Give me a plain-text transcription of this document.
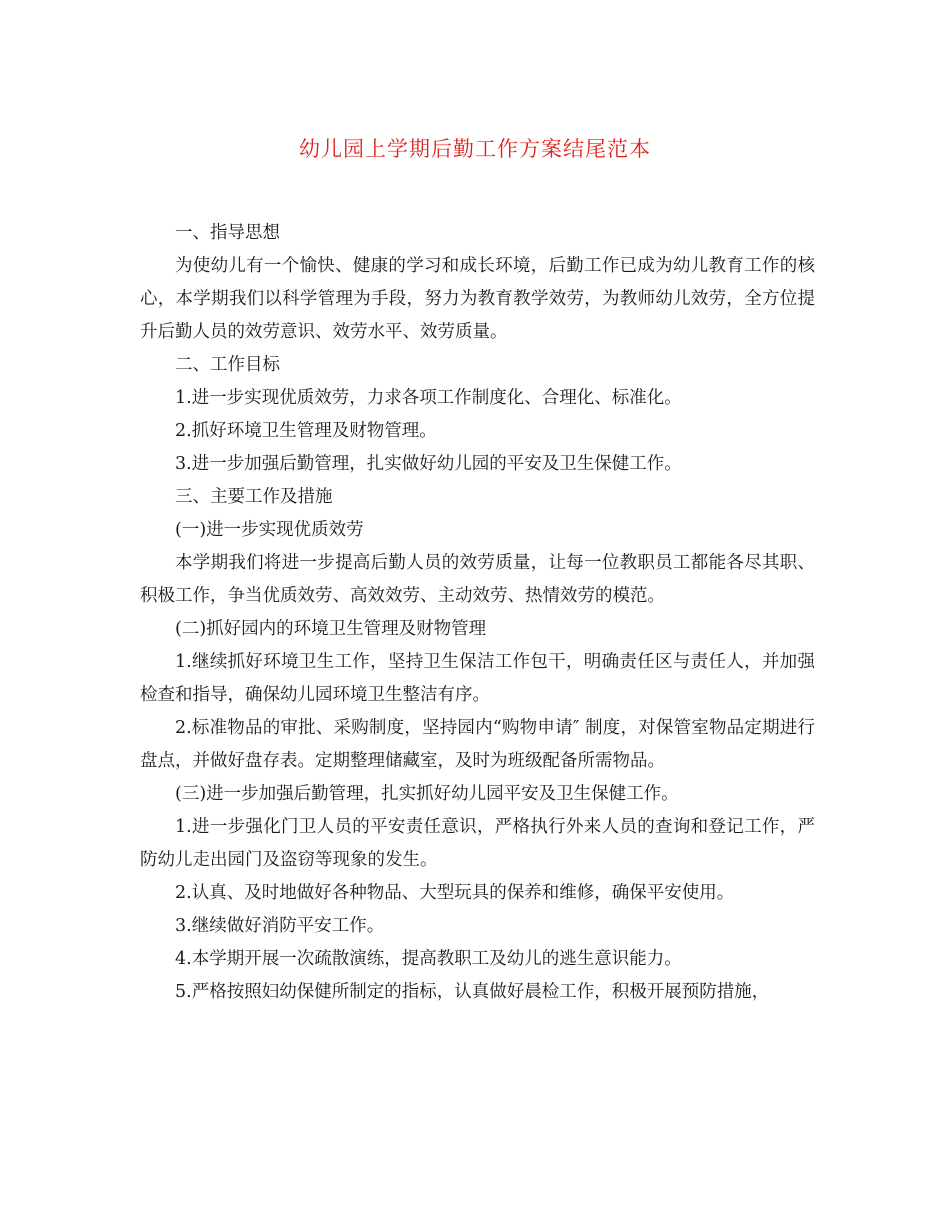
幼儿园上学期后勤工作方案结尾范本

一、指导思想

为使幼儿有一个愉快、健康的学习和成长环境，后勤工作已成为幼儿教育工作的核心，本学期我们以科学管理为手段，努力为教育教学效劳，为教师幼儿效劳，全方位提升后勤人员的效劳意识、效劳水平、效劳质量。

二、工作目标

1.进一步实现优质效劳，力求各项工作制度化、合理化、标准化。

2.抓好环境卫生管理及财物管理。

3.进一步加强后勤管理，扎实做好幼儿园的平安及卫生保健工作。

三、主要工作及措施

(一)进一步实现优质效劳

本学期我们将进一步提高后勤人员的效劳质量，让每一位教职员工都能各尽其职、积极工作，争当优质效劳、高效效劳、主动效劳、热情效劳的模范。

(二)抓好园内的环境卫生管理及财物管理

1.继续抓好环境卫生工作，坚持卫生保洁工作包干，明确责任区与责任人，并加强检查和指导，确保幼儿园环境卫生整洁有序。

2.标准物品的审批、采购制度，坚持园内“购物申请″ 制度，对保管室物品定期进行盘点，并做好盘存表。定期整理储藏室，及时为班级配备所需物品。

(三)进一步加强后勤管理，扎实抓好幼儿园平安及卫生保健工作。

1.进一步强化门卫人员的平安责任意识，严格执行外来人员的查询和登记工作，严防幼儿走出园门及盗窃等现象的发生。

2.认真、及时地做好各种物品、大型玩具的保养和维修，确保平安使用。

3.继续做好消防平安工作。

4.本学期开展一次疏散演练，提高教职工及幼儿的逃生意识能力。

5.严格按照妇幼保健所制定的指标，认真做好晨检工作，积极开展预防措施，
